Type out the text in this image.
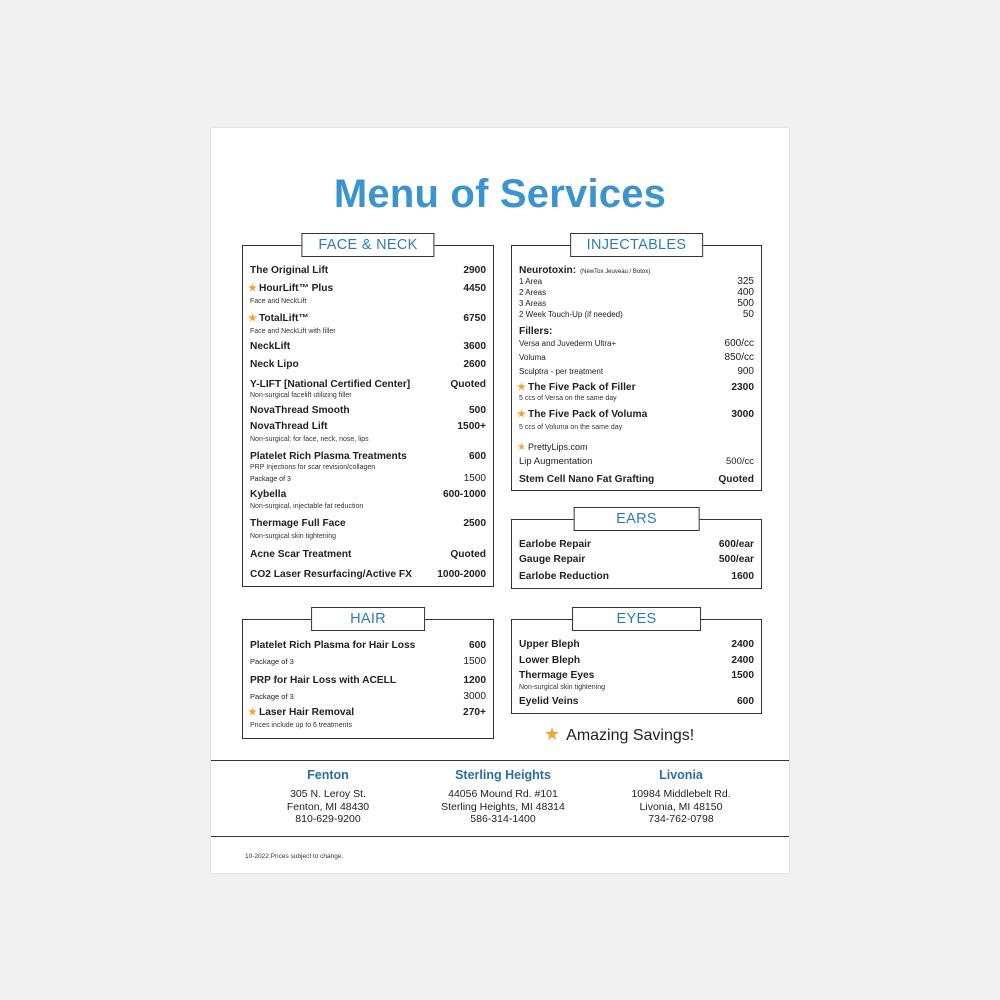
Menu of Services
FACE & NECK
The Original Lift	2900
★ HourLift™ Plus	4450
Face and NeckLift
★ TotalLift™	6750
Face and NeckLift with filler
NeckLift	3600
Neck Lipo	2600
Y-LIFT [National Certified Center]	Quoted
Non-surgical facelift utilizing filler
NovaThread Smooth	500
NovaThread Lift	1500+
Non-surgical: for face, neck, nose, lips
Platelet Rich Plasma Treatments	600
PRP Injections for scar revision/collagen
Package of 3	1500
Kybella	600-1000
Non-surgical, injectable fat reduction
Thermage Full Face	2500
Non-surgical skin tightening
Acne Scar Treatment	Quoted
CO2 Laser Resurfacing/Active FX 1000-2000
INJECTABLES
Neurotoxin: (NewTox Jeuveau / Botox)
1 Area	325
2 Areas	400
3 Areas	500
2 Week Touch-Up (if needed)	50
Fillers:
Versa and Juvederm Ultra+	600/cc
Voluma	850/cc
Sculptra - per treatment	900
★ The Five Pack of Filler	2300
5 ccs of Versa on the same day
★ The Five Pack of Voluma	3000
5 ccs of Voluma on the same day
★ PrettyLips.com
Lip Augmentation	500/cc
Stem Cell Nano Fat Grafting	Quoted
EARS
Earlobe Repair	600/ear
Gauge Repair	500/ear
Earlobe Reduction	1600
HAIR
Platelet Rich Plasma for Hair Loss	600
Package of 3	1500
PRP for Hair Loss with ACELL	1200
Package of 3	3000
★ Laser Hair Removal	270+
Prices include up to 6 treatments
EYES
Upper Bleph	2400
Lower Bleph	2400
Thermage Eyes	1500
Non-surgical skin tightening
Eyelid Veins	600
★ Amazing Savings!
Fenton
305 N. Leroy St.
Fenton, MI 48430
810-629-9200
Sterling Heights
44056 Mound Rd. #101
Sterling Heights, MI 48314
586-314-1400
Livonia
10984 Middlebelt Rd.
Livonia, MI 48150
734-762-0798
10-2022 Prices subject to change.
